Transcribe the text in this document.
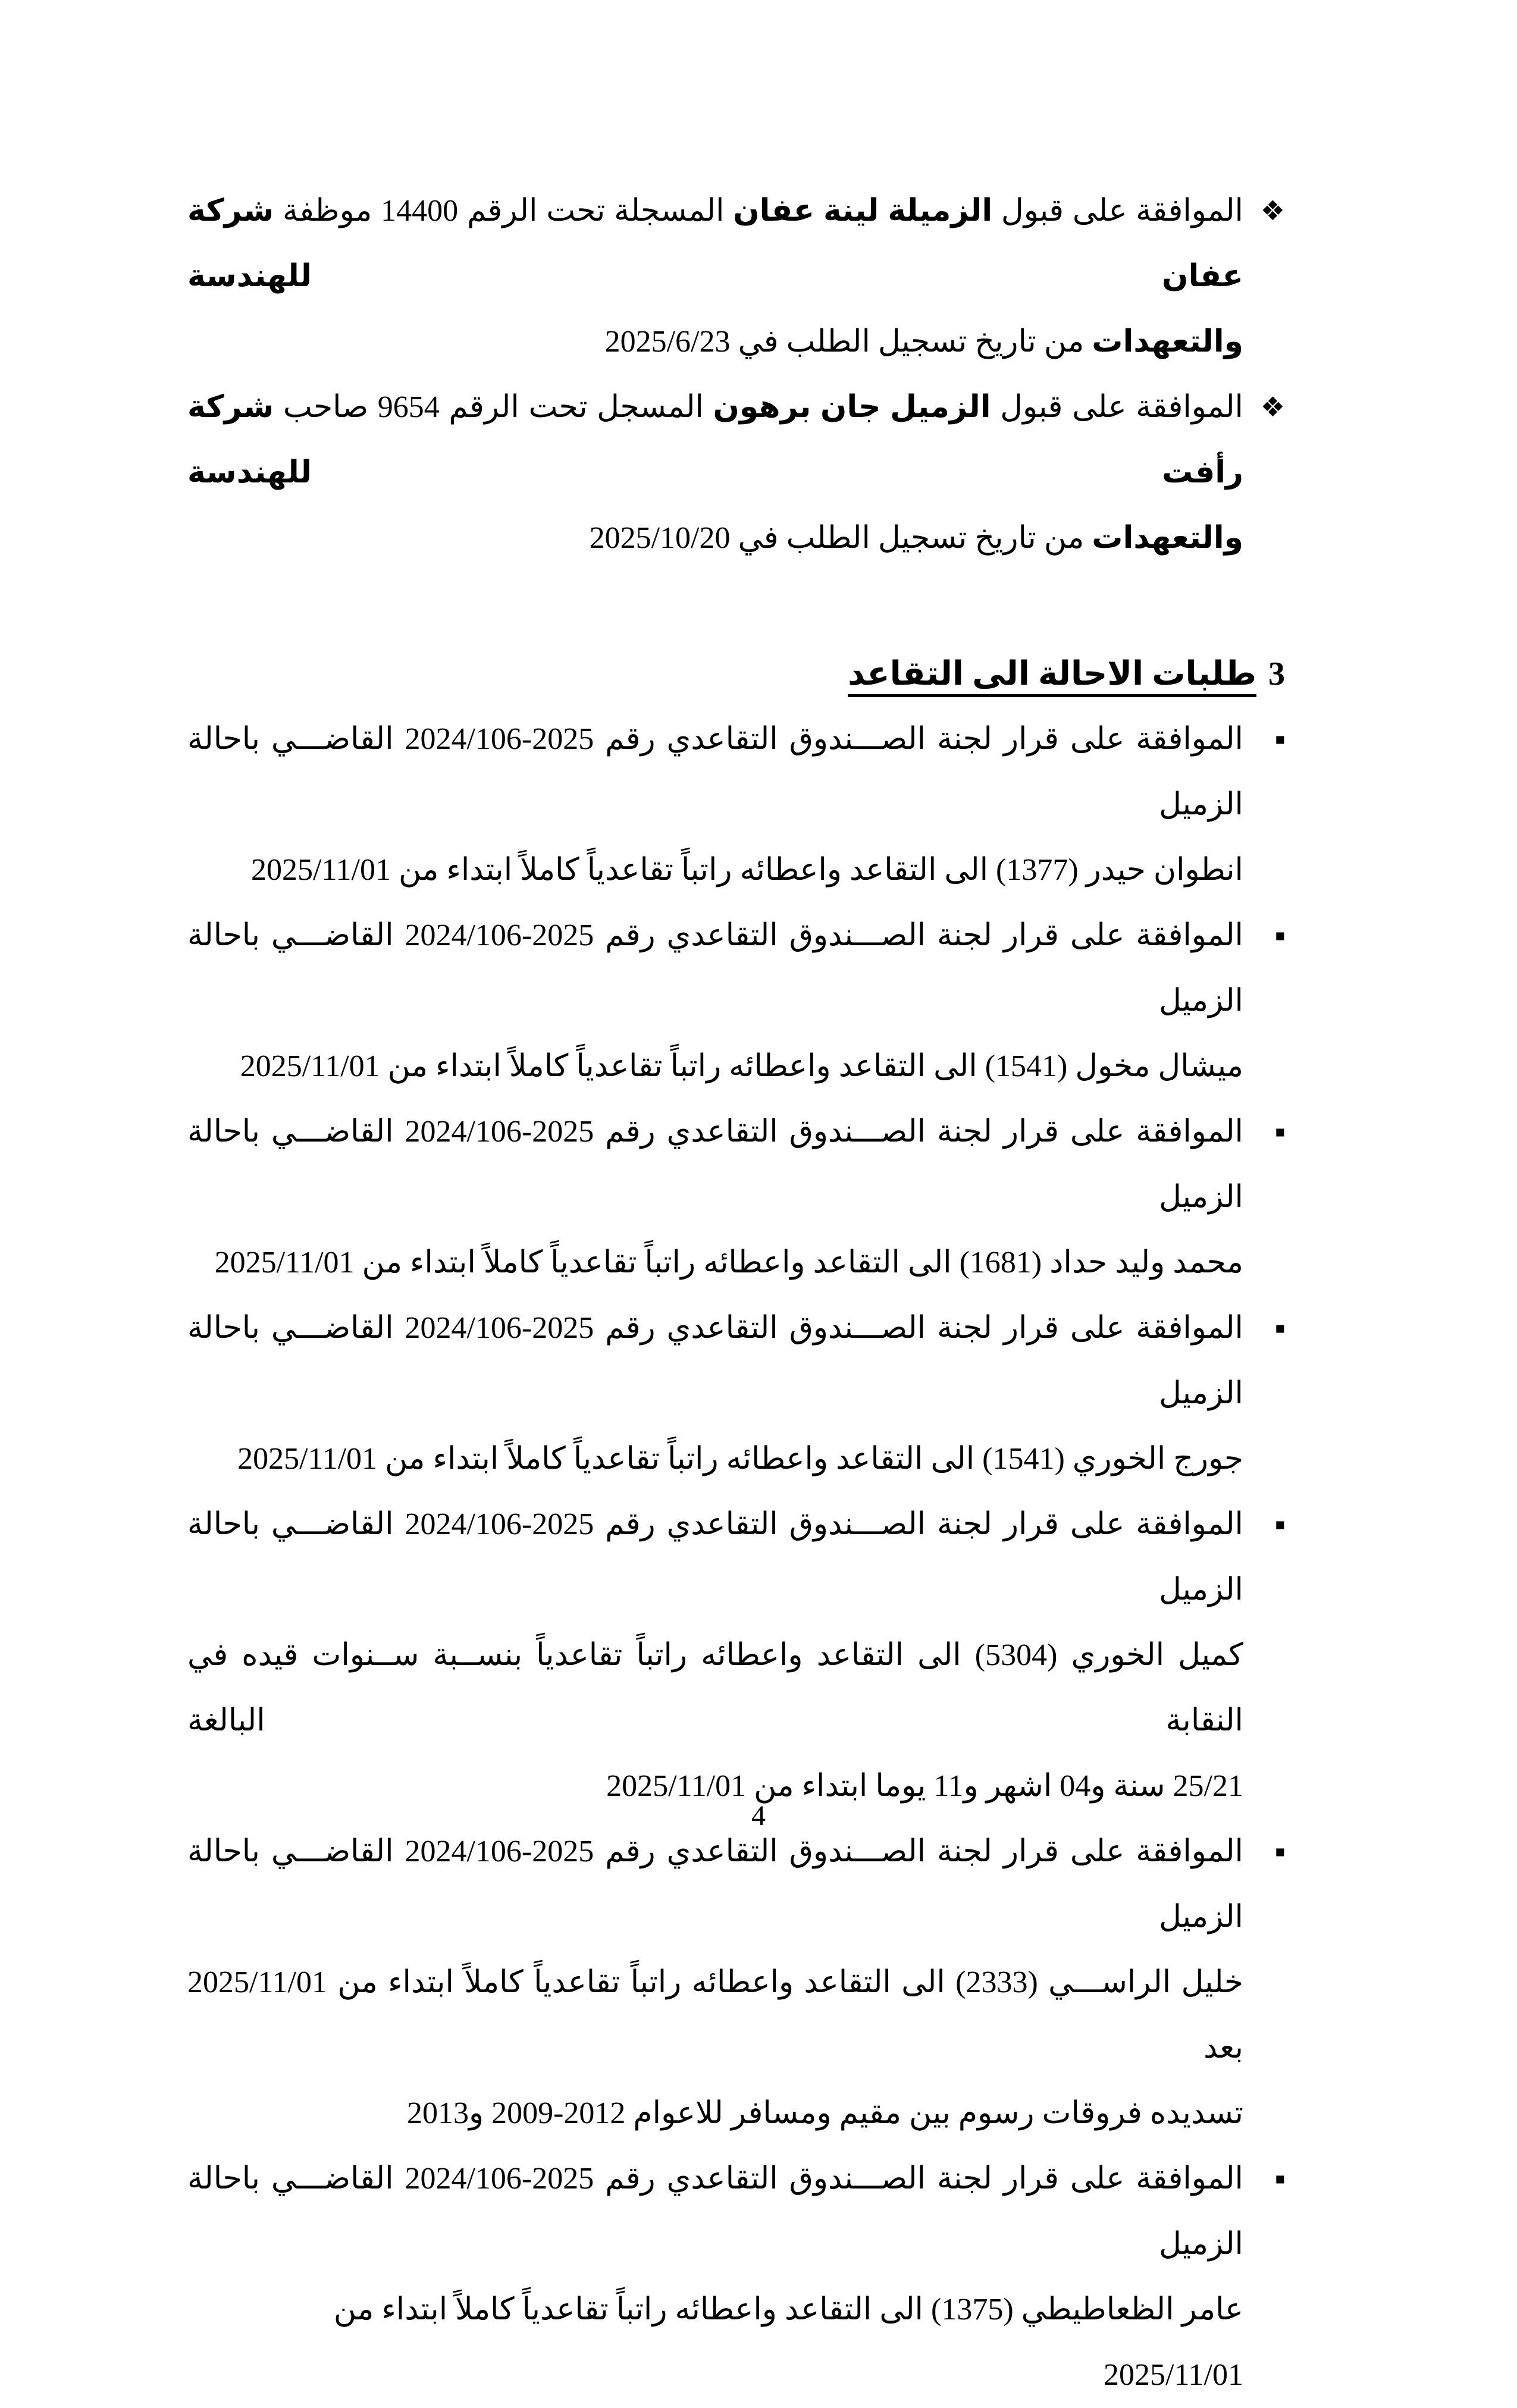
❖
الموافقة على قبول الزميلة لينة عفان المسجلة تحت الرقم 14400 موظفة شركة عفان للهندسة
والتعهدات من تاريخ تسجيل الطلب في 2025/6/23
❖
الموافقة على قبول الزميل جان برهون المسجل تحت الرقم 9654 صاحب شركة رأفت للهندسة
والتعهدات من تاريخ تسجيل الطلب في 2025/10/20
3طلبات الاحالة الى التقاعد
■
الموافقة على قرار لجنة الصـــندوق التقاعدي رقم 2025-2024/106 القاضـــي باحالة الزميل
انطوان حيدر (1377) الى التقاعد واعطائه راتباً تقاعدياً كاملاً ابتداء من 2025/11/01
■
الموافقة على قرار لجنة الصـــندوق التقاعدي رقم 2025-2024/106 القاضـــي باحالة الزميل
ميشال مخول (1541) الى التقاعد واعطائه راتباً تقاعدياً كاملاً ابتداء من 2025/11/01
■
الموافقة على قرار لجنة الصـــندوق التقاعدي رقم 2025-2024/106 القاضـــي باحالة الزميل
محمد وليد حداد (1681) الى التقاعد واعطائه راتباً تقاعدياً كاملاً ابتداء من 2025/11/01
■
الموافقة على قرار لجنة الصـــندوق التقاعدي رقم 2025-2024/106 القاضـــي باحالة الزميل
جورج الخوري (1541) الى التقاعد واعطائه راتباً تقاعدياً كاملاً ابتداء من 2025/11/01
■
الموافقة على قرار لجنة الصـــندوق التقاعدي رقم 2025-2024/106 القاضـــي باحالة الزميل
كميل الخوري (5304) الى التقاعد واعطائه راتباً تقاعدياً بنســبة ســنوات قيده في النقابة البالغة
25/21 سنة و04 اشهر و11 يوما ابتداء من 2025/11/01
■
الموافقة على قرار لجنة الصـــندوق التقاعدي رقم 2025-2024/106 القاضـــي باحالة الزميل
خليل الراســـي (2333) الى التقاعد واعطائه راتباً تقاعدياً كاملاً ابتداء من 2025/11/01 بعد
تسديده فروقات رسوم بين مقيم ومسافر للاعوام 2012-2009 و2013
■
الموافقة على قرار لجنة الصـــندوق التقاعدي رقم 2025-2024/106 القاضـــي باحالة الزميل
عامر الظعاطيطي (1375) الى التقاعد واعطائه راتباً تقاعدياً كاملاً ابتداء من 2025/11/01
4
